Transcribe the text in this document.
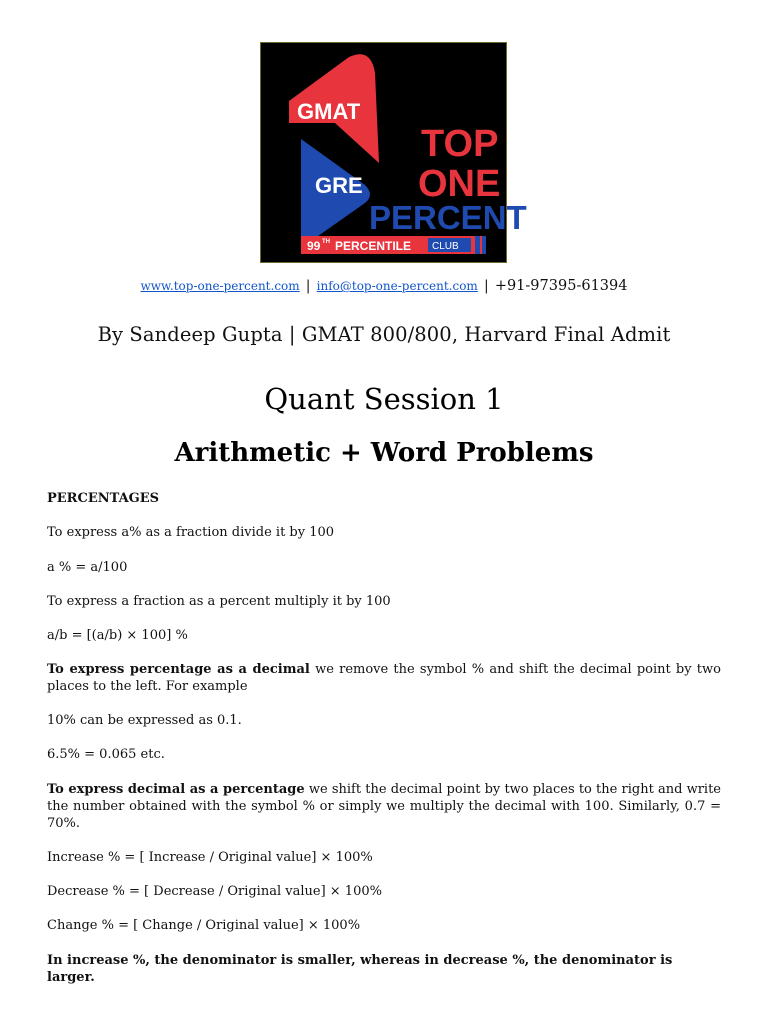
GMAT
GRE
TOP
ONE
PERCENT
99 TH PERCENTILE CLUB
www.top-one-percent.com | info@top-one-percent.com | +91-97395-61394
By Sandeep Gupta | GMAT 800/800, Harvard Final Admit
Quant Session 1
Arithmetic + Word Problems

PERCENTAGES

To express a% as a fraction divide it by 100

a % = a/100

To express a fraction as a percent multiply it by 100

a/b = [(a/b) × 100] %

To express percentage as a decimal we remove the symbol % and shift the decimal point by two places to the left. For example

10% can be expressed as 0.1.

6.5% = 0.065 etc.

To express decimal as a percentage we shift the decimal point by two places to the right and write the number obtained with the symbol % or simply we multiply the decimal with 100. Similarly, 0.7 = 70%.

Increase % = [ Increase / Original value] × 100%

Decrease % = [ Decrease / Original value] × 100%

Change % = [ Change / Original value] × 100%

In increase %, the denominator is smaller, whereas in decrease %, the denominator is larger.
